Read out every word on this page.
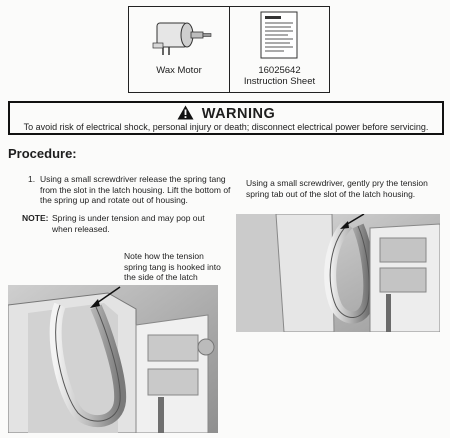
Wax Motor	16025642
Instruction Sheet
WARNING
To avoid risk of electrical shock, personal injury or death; disconnect electrical power before servicing.
Procedure:
1. Using a small screwdriver release the spring tang from the slot in the latch housing. Lift the bottom of the spring up and rotate out of housing.
NOTE: Spring is under tension and may pop out when released.
Using a small screwdriver, gently pry the tension spring tab out of the slot of the latch housing.
Note how the tension spring tang is hooked into the side of the latch
